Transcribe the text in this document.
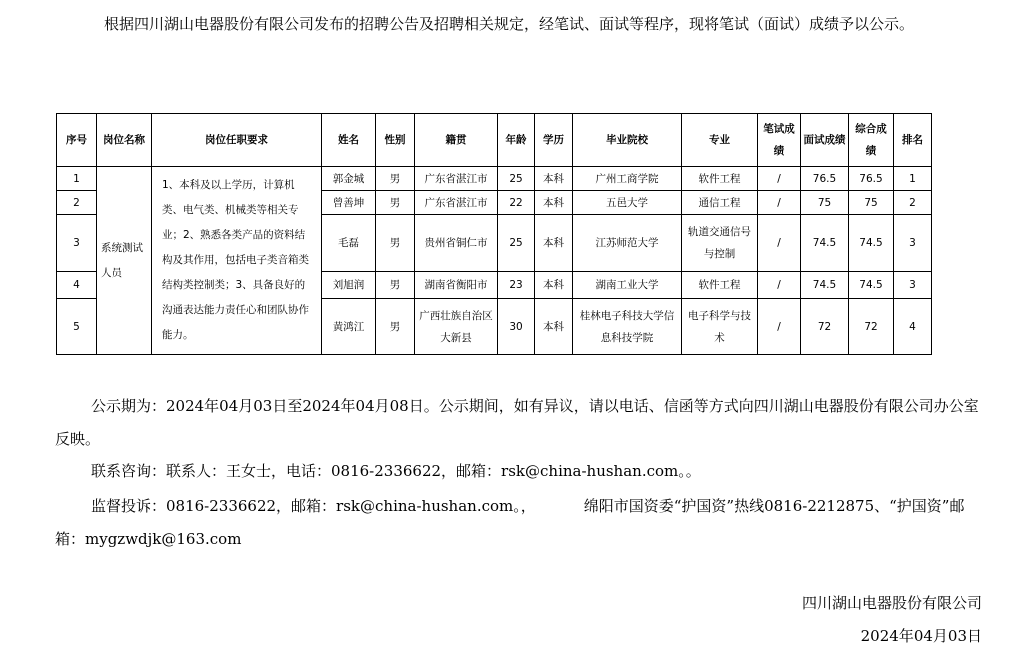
根据四川湖山电器股份有限公司发布的招聘公告及招聘相关规定，经笔试、面试等程序，现将笔试（面试）成绩予以公示。
序号	岗位名称	岗位任职要求	姓名	性别	籍贯	年龄	学历	毕业院校	专业	笔试成绩	面试成绩	综合成绩	排名
1	系统测试人员	1、本科及以上学历，计算机类、电气类、机械类等相关专业；2、熟悉各类产品的资料结构及其作用，包括电子类音箱类结构类控制类；3、具备良好的沟通表达能力责任心和团队协作能力。	郭金城	男	广东省湛江市	25	本科	广州工商学院	软件工程	/	76.5	76.5	1
2			曾善坤	男	广东省湛江市	22	本科	五邑大学	通信工程	/	75	75	2
3			毛磊	男	贵州省铜仁市	25	本科	江苏师范大学	轨道交通信号与控制	/	74.5	74.5	3
4			刘旭润	男	湖南省衡阳市	23	本科	湖南工业大学	软件工程	/	74.5	74.5	3
5			黄鸿江	男	广西壮族自治区大新县	30	本科	桂林电子科技大学信息科技学院	电子科学与技术	/	72	72	4
公示期为：2024年04月03日至2024年04月08日。公示期间，如有异议，请以电话、信函等方式向四川湖山电器股份有限公司办公室反映。
联系咨询：联系人：王女士，电话：0816-2336622，邮箱：rsk@china-hushan.com。。
监督投诉：0816-2336622，邮箱：rsk@china-hushan.com。，	绵阳市国资委“护国资”热线0816-2212875、“护国资”邮箱：mygzwdjk@163.com
四川湖山电器股份有限公司
2024年04月03日
